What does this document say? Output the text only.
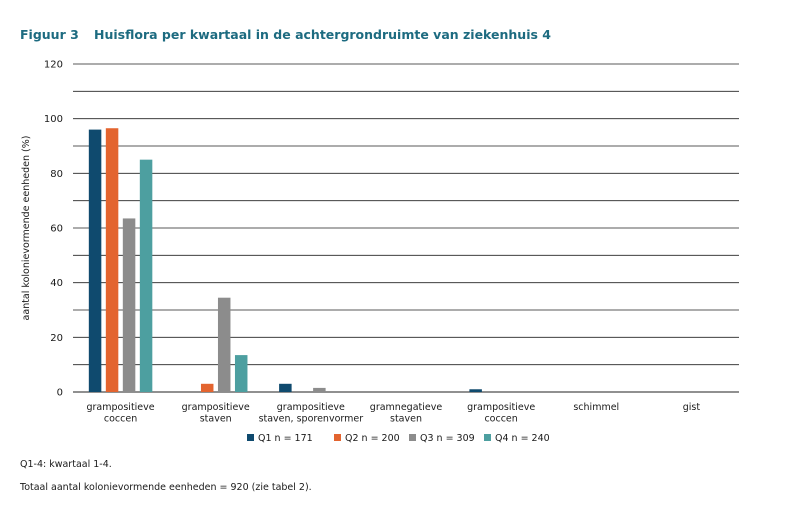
Figuur 3 Huisflora per kwartaal in de achtergrondruimte van ziekenhuis 4
0
20
40
60
80
100
120
grampositieve coccen
grampositieve staven
grampositieve staven, sporenvormer
gramnegatieve staven
grampositieve coccen
schimmel	gist
Q1 n = 171	Q2 n = 200 Q3 n = 309 Q4 n = 240
aantal kolonievormende eenheden (%)
Q1-4: kwartaal 1-4.
Totaal aantal kolonievormende eenheden = 920 (zie tabel 2).
